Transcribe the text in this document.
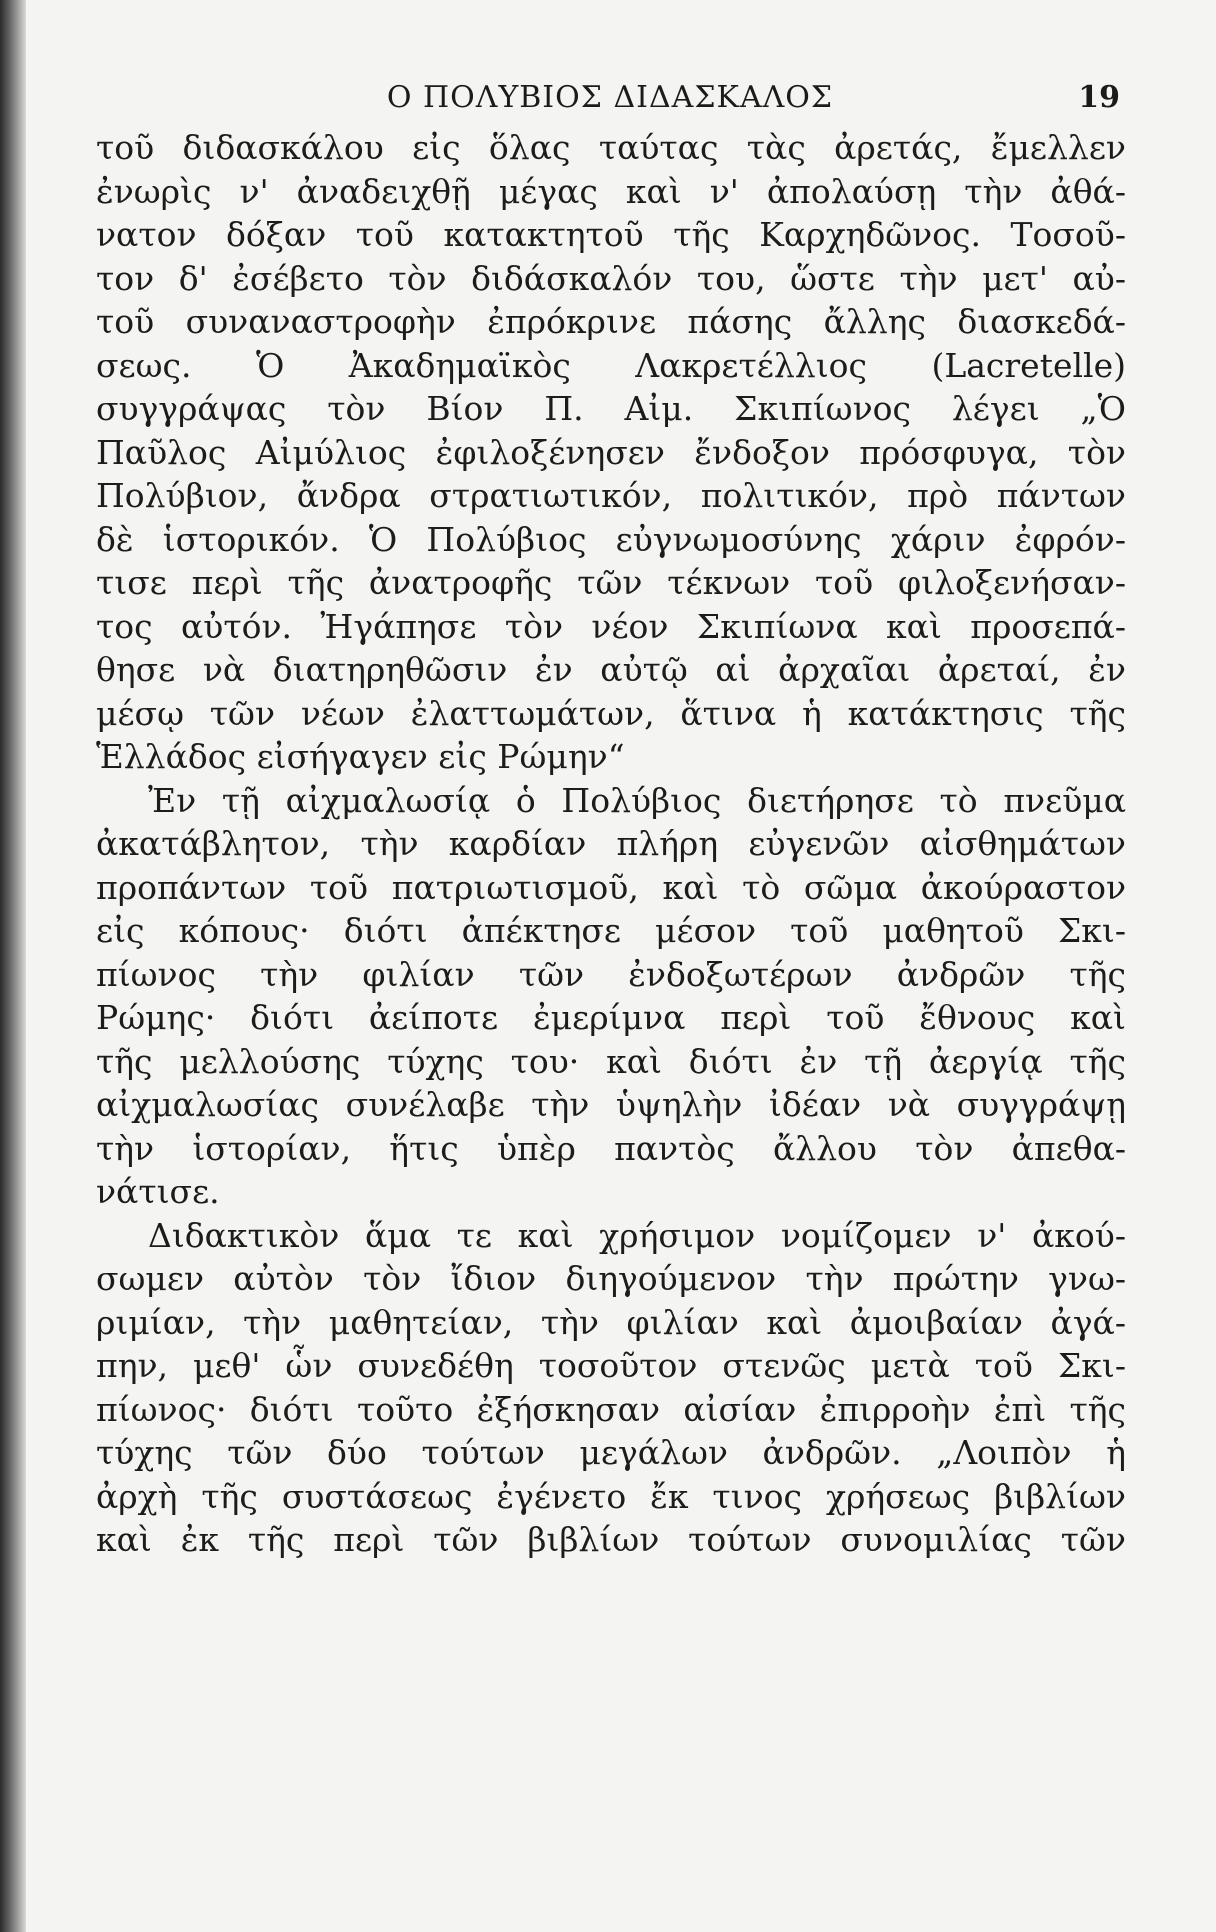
Ο ΠΟΛΥΒΙΟΣ ΔΙΔΑΣΚΑΛΟΣ	19
τοῦ διδασκάλου εἰς ὅλας ταύτας τὰς ἀρετάς, ἔμελλεν
ἐνωρὶς ν' ἀναδειχθῇ μέγας καὶ ν' ἀπολαύσῃ τὴν ἀθά-
νατον δόξαν τοῦ κατακτητοῦ τῆς Καρχηδῶνος. Τοσοῦ-
τον δ' ἐσέβετο τὸν διδάσκαλόν του, ὥστε τὴν μετ' αὐ-
τοῦ συναναστροφὴν ἐπρόκρινε πάσης ἄλλης διασκεδά-
σεως. Ὁ Ἀκαδημαϊκὸς Λακρετέλλιος (Lacretelle)
συγγράψας τὸν Βίον Π. Αἰμ. Σκιπίωνος λέγει „Ὁ
Παῦλος Αἰμύλιος ἐφιλοξένησεν ἔνδοξον πρόσφυγα, τὸν
Πολύβιον, ἄνδρα στρατιωτικόν, πολιτικόν, πρὸ πάντων
δὲ ἱστορικόν. Ὁ Πολύβιος εὐγνωμοσύνης χάριν ἐφρόν-
τισε περὶ τῆς ἀνατροφῆς τῶν τέκνων τοῦ φιλοξενήσαν-
τος αὐτόν. Ἠγάπησε τὸν νέον Σκιπίωνα καὶ προσεπά-
θησε νὰ διατηρηθῶσιν ἐν αὐτῷ αἱ ἀρχαῖαι ἀρεταί, ἐν
μέσῳ τῶν νέων ἐλαττωμάτων, ἅτινα ἡ κατάκτησις τῆς
Ἑλλάδος εἰσήγαγεν εἰς Ρώμην“
Ἐν τῇ αἰχμαλωσίᾳ ὁ Πολύβιος διετήρησε τὸ πνεῦμα
ἀκατάβλητον, τὴν καρδίαν πλήρη εὐγενῶν αἰσθημάτων
προπάντων τοῦ πατριωτισμοῦ, καὶ τὸ σῶμα ἀκούραστον
εἰς κόπους· διότι ἀπέκτησε μέσον τοῦ μαθητοῦ Σκι-
πίωνος τὴν φιλίαν τῶν ἐνδοξωτέρων ἀνδρῶν τῆς
Ρώμης· διότι ἀείποτε ἐμερίμνα περὶ τοῦ ἔθνους καὶ
τῆς μελλούσης τύχης του· καὶ διότι ἐν τῇ ἀεργίᾳ τῆς
αἰχμαλωσίας συνέλαβε τὴν ὑψηλὴν ἰδέαν νὰ συγγράψῃ
τὴν ἱστορίαν, ἥτις ὑπὲρ παντὸς ἄλλου τὸν ἀπεθα-
νάτισε.
Διδακτικὸν ἅμα τε καὶ χρήσιμον νομίζομεν ν' ἀκού-
σωμεν αὐτὸν τὸν ἴδιον διηγούμενον τὴν πρώτην γνω-
ριμίαν, τὴν μαθητείαν, τὴν φιλίαν καὶ ἀμοιβαίαν ἀγά-
πην, μεθ' ὧν συνεδέθη τοσοῦτον στενῶς μετὰ τοῦ Σκι-
πίωνος· διότι τοῦτο ἐξήσκησαν αἰσίαν ἐπιρροὴν ἐπὶ τῆς
τύχης τῶν δύο τούτων μεγάλων ἀνδρῶν. „Λοιπὸν ἡ
ἀρχὴ τῆς συστάσεως ἐγένετο ἔκ τινος χρήσεως βιβλίων
καὶ ἐκ τῆς περὶ τῶν βιβλίων τούτων συνομιλίας τῶν
